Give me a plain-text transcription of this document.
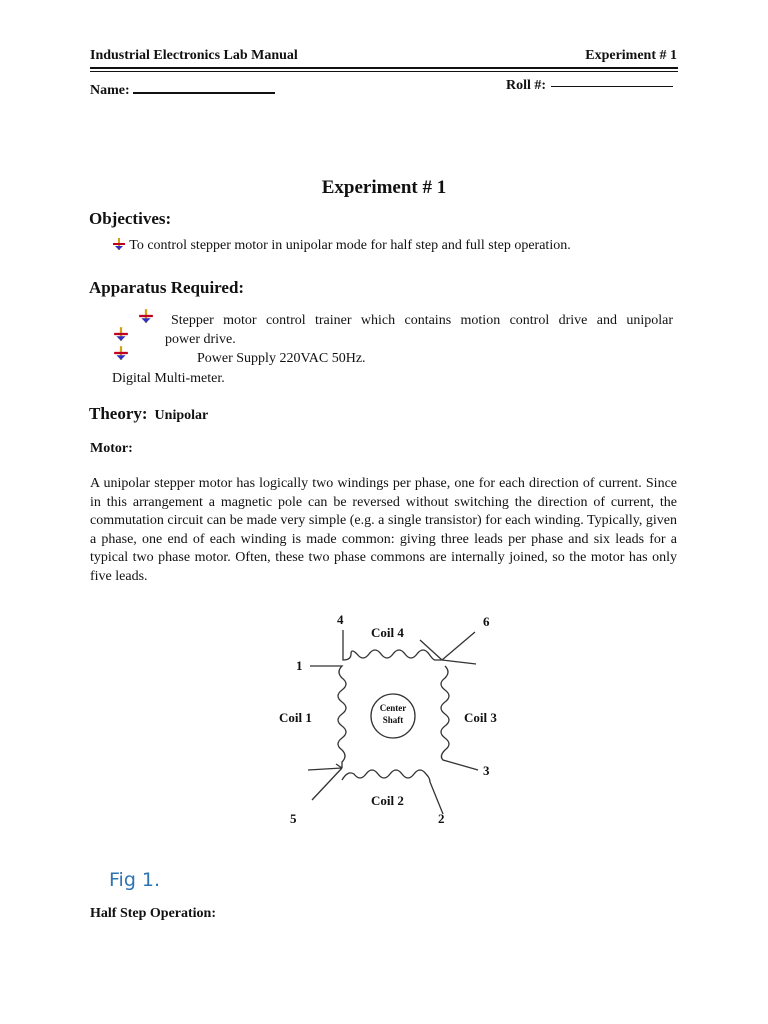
Industrial Electronics Lab Manual	Experiment # 1
Name:	Roll #:
Experiment # 1
Objectives:
To control stepper motor in unipolar mode for half step and full step operation.
Apparatus Required:
Stepper motor control trainer which contains motion control drive and unipolar
power drive.
Power Supply 220VAC 50Hz.
Digital Multi-meter.
Theory: Unipolar
Motor:
A unipolar stepper motor has logically two windings per phase, one for each direction of current. Since in this arrangement a magnetic pole can be reversed without switching the direction of current, the commutation circuit can be made very simple (e.g. a single transistor) for each winding. Typically, given a phase, one end of each winding is made common: giving three leads per phase and six leads for a typical two phase motor. Often, these two phase commons are internally joined, so the motor has only five leads.
Coil 4
Coil 1	Coil 3
Coil 2
Center
Shaft
4	6
1
3
5	2
Fig 1.
Half Step Operation:
